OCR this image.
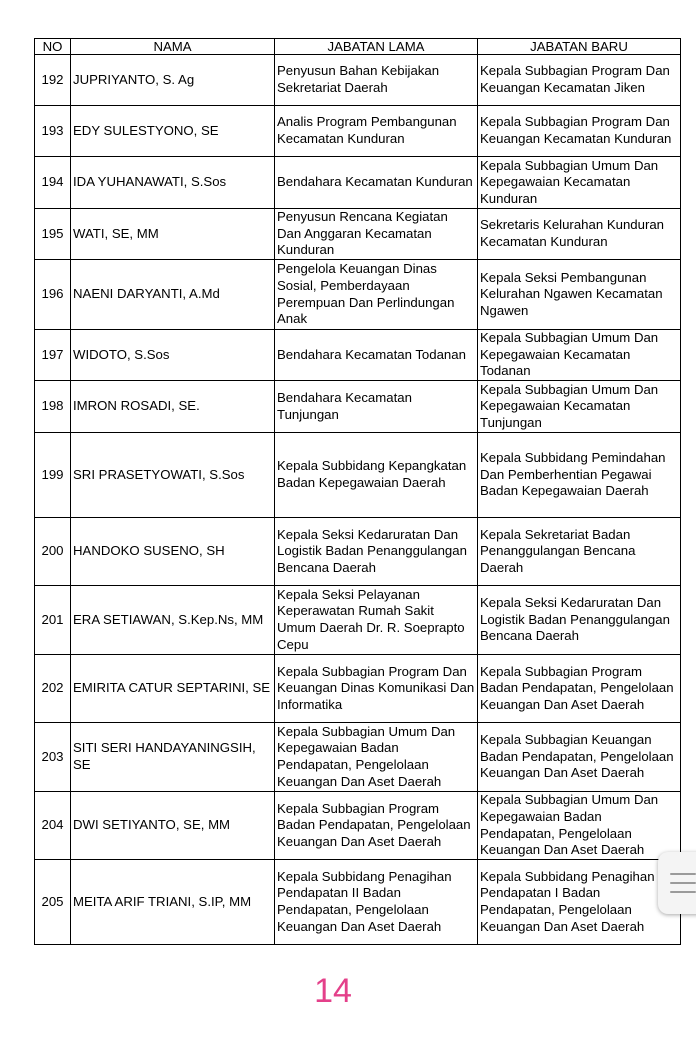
NO	NAMA	JABATAN LAMA	JABATAN BARU
192	JUPRIYANTO, S. Ag	Penyusun Bahan Kebijakan Sekretariat Daerah	Kepala Subbagian Program Dan Keuangan Kecamatan Jiken
193	EDY SULESTYONO, SE	Analis Program Pembangunan Kecamatan Kunduran	Kepala Subbagian Program Dan Keuangan Kecamatan Kunduran
194	IDA YUHANAWATI, S.Sos	Bendahara Kecamatan Kunduran	Kepala Subbagian Umum Dan Kepegawaian Kecamatan Kunduran
195	WATI, SE, MM	Penyusun Rencana Kegiatan Dan Anggaran Kecamatan Kunduran	Sekretaris Kelurahan Kunduran Kecamatan Kunduran
196	NAENI DARYANTI, A.Md	Pengelola Keuangan Dinas Sosial, Pemberdayaan Perempuan Dan Perlindungan Anak	Kepala Seksi Pembangunan Kelurahan Ngawen Kecamatan Ngawen
197	WIDOTO, S.Sos	Bendahara Kecamatan Todanan	Kepala Subbagian Umum Dan Kepegawaian Kecamatan Todanan
198	IMRON ROSADI, SE.	Bendahara Kecamatan Tunjungan	Kepala Subbagian Umum Dan Kepegawaian Kecamatan Tunjungan
199	SRI PRASETYOWATI, S.Sos	Kepala Subbidang Kepangkatan Badan Kepegawaian Daerah	Kepala Subbidang Pemindahan Dan Pemberhentian Pegawai Badan Kepegawaian Daerah
200	HANDOKO SUSENO, SH	Kepala Seksi Kedaruratan Dan Logistik Badan Penanggulangan Bencana Daerah	Kepala Sekretariat Badan Penanggulangan Bencana Daerah
201	ERA SETIAWAN, S.Kep.Ns, MM	Kepala Seksi Pelayanan Keperawatan Rumah Sakit Umum Daerah Dr. R. Soeprapto Cepu	Kepala Seksi Kedaruratan Dan Logistik Badan Penanggulangan Bencana Daerah
202	EMIRITA CATUR SEPTARINI, SE	Kepala Subbagian Program Dan Keuangan Dinas Komunikasi Dan Informatika	Kepala Subbagian Program Badan Pendapatan, Pengelolaan Keuangan Dan Aset Daerah
203	SITI SERI HANDAYANINGSIH, SE	Kepala Subbagian Umum Dan Kepegawaian Badan Pendapatan, Pengelolaan Keuangan Dan Aset Daerah	Kepala Subbagian Keuangan Badan Pendapatan, Pengelolaan Keuangan Dan Aset Daerah
204	DWI SETIYANTO, SE, MM	Kepala Subbagian Program Badan Pendapatan, Pengelolaan Keuangan Dan Aset Daerah	Kepala Subbagian Umum Dan Kepegawaian Badan Pendapatan, Pengelolaan Keuangan Dan Aset Daerah
205	MEITA ARIF TRIANI, S.IP, MM	Kepala Subbidang Penagihan Pendapatan II Badan Pendapatan, Pengelolaan Keuangan Dan Aset Daerah	Kepala Subbidang Penagihan Pendapatan I Badan Pendapatan, Pengelolaan Keuangan Dan Aset Daerah
14
